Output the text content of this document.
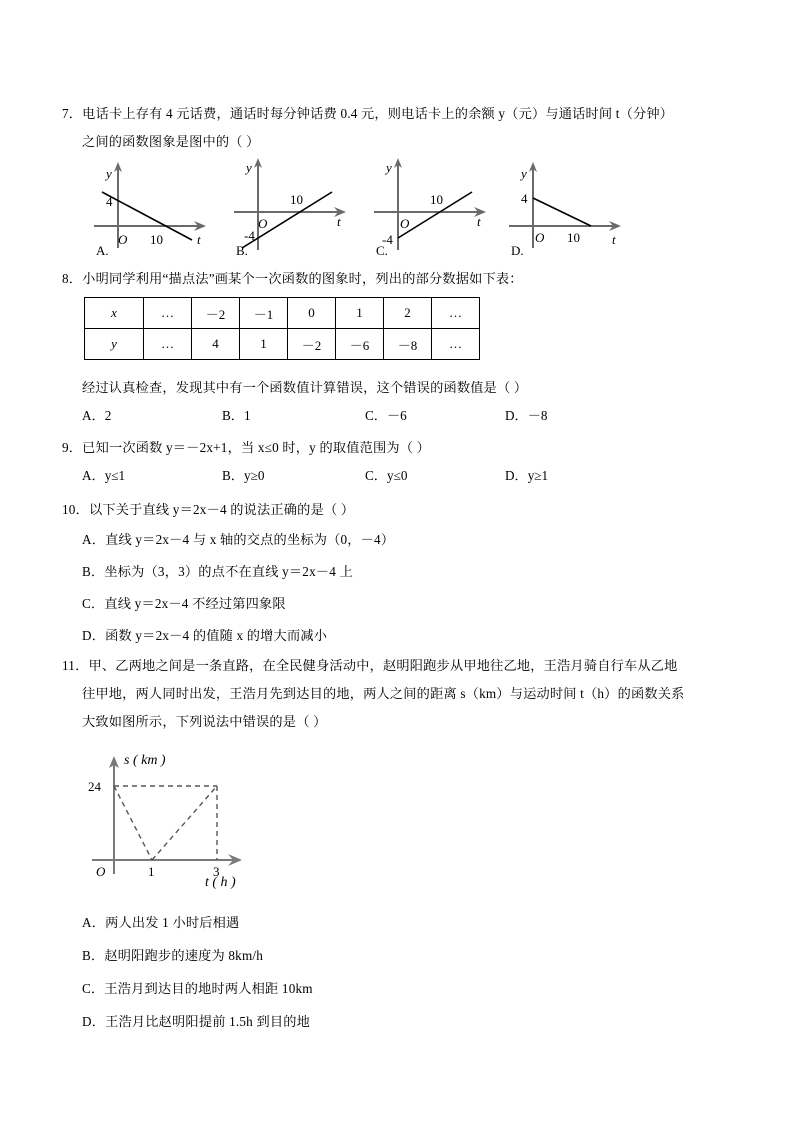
7．电话卡上存有 4 元话费，通话时每分钟话费 0.4 元，则电话卡上的余额 y（元）与通话时间 t（分钟）
之间的函数图象是图中的（ ）
4
O 10
y
t
A.
-4
O
10
y
t
B.
-4
O
10
y
t
C.
4
O 10
y
t
D.
8．小明同学利用“描点法”画某个一次函数的图象时，列出的部分数据如下表：
x	…	－2	－1	0	1	2	…
y	…	4	1	－2	－6	－8	…
经过认真检查，发现其中有一个函数值计算错误，这个错误的函数值是（ ）
A．2	B．1	C．－6	D．－8
9．已知一次函数 y＝－2x+1，当 x≤0 时，y 的取值范围为（ ）
A．y≤1	B．y≥0	C．y≤0	D．y≥1
10．以下关于直线 y＝2x－4 的说法正确的是（ ）
A．直线 y＝2x－4 与 x 轴的交点的坐标为（0，－4）
B．坐标为（3，3）的点不在直线 y＝2x－4 上
C．直线 y＝2x－4 不经过第四象限
D．函数 y＝2x－4 的值随 x 的增大而减小
11．甲、乙两地之间是一条直路，在全民健身活动中，赵明阳跑步从甲地往乙地，王浩月骑自行车从乙地
往甲地，两人同时出发，王浩月先到达目的地，两人之间的距离 s（km）与运动时间 t（h）的函数关系
大致如图所示，下列说法中错误的是（ ）
s ( km )
t ( h )
24
O	1	3
A．两人出发 1 小时后相遇
B．赵明阳跑步的速度为 8km/h
C．王浩月到达目的地时两人相距 10km
D．王浩月比赵明阳提前 1.5h 到目的地
